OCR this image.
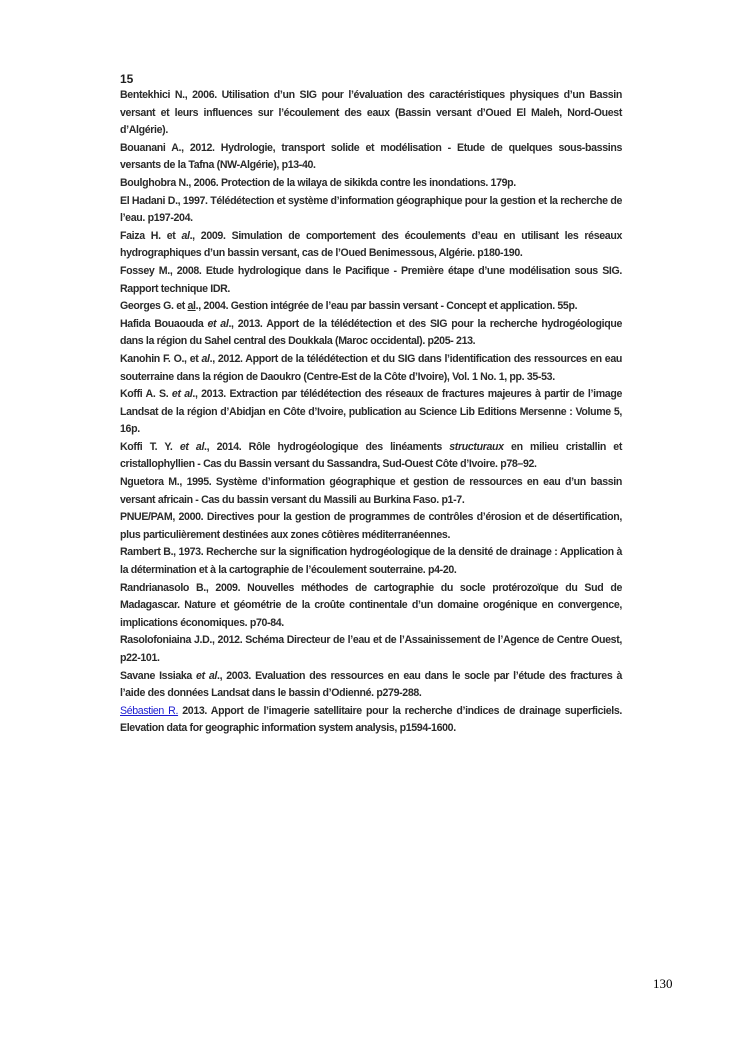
15

Bentekhici N., 2006. Utilisation d’un SIG pour l’évaluation des caractéristiques physiques d’un Bassin versant et leurs influences sur l’écoulement des eaux (Bassin versant d’Oued El Maleh, Nord-Ouest d’Algérie).

Bouanani A., 2012. Hydrologie, transport solide et modélisation - Etude de quelques sous-bassins versants de la Tafna (NW-Algérie), p13-40.

Boulghobra N., 2006. Protection de la wilaya de sikikda contre les inondations. 179p.

El Hadani D., 1997. Télédétection et système d’information géographique pour la gestion et la recherche de l’eau. p197-204.

Faiza H. et al., 2009. Simulation de comportement des écoulements d’eau en utilisant les réseaux hydrographiques d’un bassin versant, cas de l’Oued Benimessous, Algérie. p180-190.

Fossey M., 2008. Etude hydrologique dans le Pacifique - Première étape d’une modélisation sous SIG. Rapport technique IDR.

Georges G. et al., 2004. Gestion intégrée de l’eau par bassin versant - Concept et application. 55p.

Hafida Bouaouda et al., 2013. Apport de la télédétection et des SIG pour la recherche hydrogéologique dans la région du Sahel central des Doukkala (Maroc occidental). p205- 213.

Kanohin F. O., et al., 2012. Apport de la télédétection et du SIG dans l’identification des ressources en eau souterraine dans la région de Daoukro (Centre-Est de la Côte d’Ivoire), Vol. 1 No. 1, pp. 35-53.

Koffi A. S. et al., 2013. Extraction par télédétection des réseaux de fractures majeures à partir de l’image Landsat de la région d’Abidjan en Côte d’Ivoire, publication au Science Lib Editions Mersenne : Volume 5, 16p.

Koffi T. Y. et al., 2014. Rôle hydrogéologique des linéaments structuraux en milieu cristallin et cristallophyllien - Cas du Bassin versant du Sassandra, Sud-Ouest Côte d’Ivoire. p78–92.

Nguetora M., 1995. Système d’information géographique et gestion de ressources en eau d’un bassin versant africain - Cas du bassin versant du Massili au Burkina Faso. p1-7.

PNUE/PAM, 2000. Directives pour la gestion de programmes de contrôles d’érosion et de désertification, plus particulièrement destinées aux zones côtières méditerranéennes.

Rambert B., 1973. Recherche sur la signification hydrogéologique de la densité de drainage : Application à la détermination et à la cartographie de l’écoulement souterraine. p4-20.

Randrianasolo B., 2009. Nouvelles méthodes de cartographie du socle protérozoïque du Sud de Madagascar. Nature et géométrie de la croûte continentale d’un domaine orogénique en convergence, implications économiques. p70-84.

Rasolofoniaina J.D., 2012. Schéma Directeur de l’eau et de l’Assainissement de l’Agence de Centre Ouest, p22-101.

Savane Issiaka et al., 2003. Evaluation des ressources en eau dans le socle par l’étude des fractures à l’aide des données Landsat dans le bassin d’Odienné. p279-288.

Sébastien R. 2013. Apport de l’imagerie satellitaire pour la recherche d’indices de drainage superficiels. Elevation data for geographic information system analysis, p1594-1600.

130
